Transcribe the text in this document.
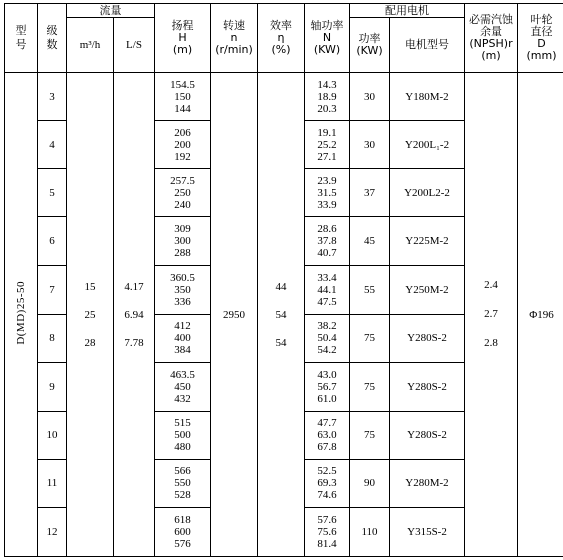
型号	级数	流量		扬程
H
(m)	转速
n
(r/min)	效率
η
(%)	轴功率
N
(KW)	配用电机		必需汽蚀
余量
(NPSH)r
(m)	叶轮
直径
D
(mm)

		m³/h	L/S					功率
(KW)	电机型号		
D(MD)25-50	3	15
25
28	4.17
6.94
7.78	154.5
150
144	2950	44
54
54	14.3
18.9
20.3	30	Y180M-2	2.4
2.7
2.8	Φ196
	4			206
200
192			19.1
25.2
27.1	30	Y200L₁-2		
	5			257.5
250
240			23.9
31.5
33.9	37	Y200L2-2		
	6			309
300
288			28.6
37.8
40.7	45	Y225M-2		
	7			360.5
350
336			33.4
44.1
47.5	55	Y250M-2		
	8			412
400
384			38.2
50.4
54.2	75	Y280S-2		
	9			463.5
450
432			43.0
56.7
61.0	75	Y280S-2		
	10			515
500
480			47.7
63.0
67.8	75	Y280S-2		
	11			566
550
528			52.5
69.3
74.6	90	Y280M-2		
	12			618
600
576			57.6
75.6
81.4	110	Y315S-2		
